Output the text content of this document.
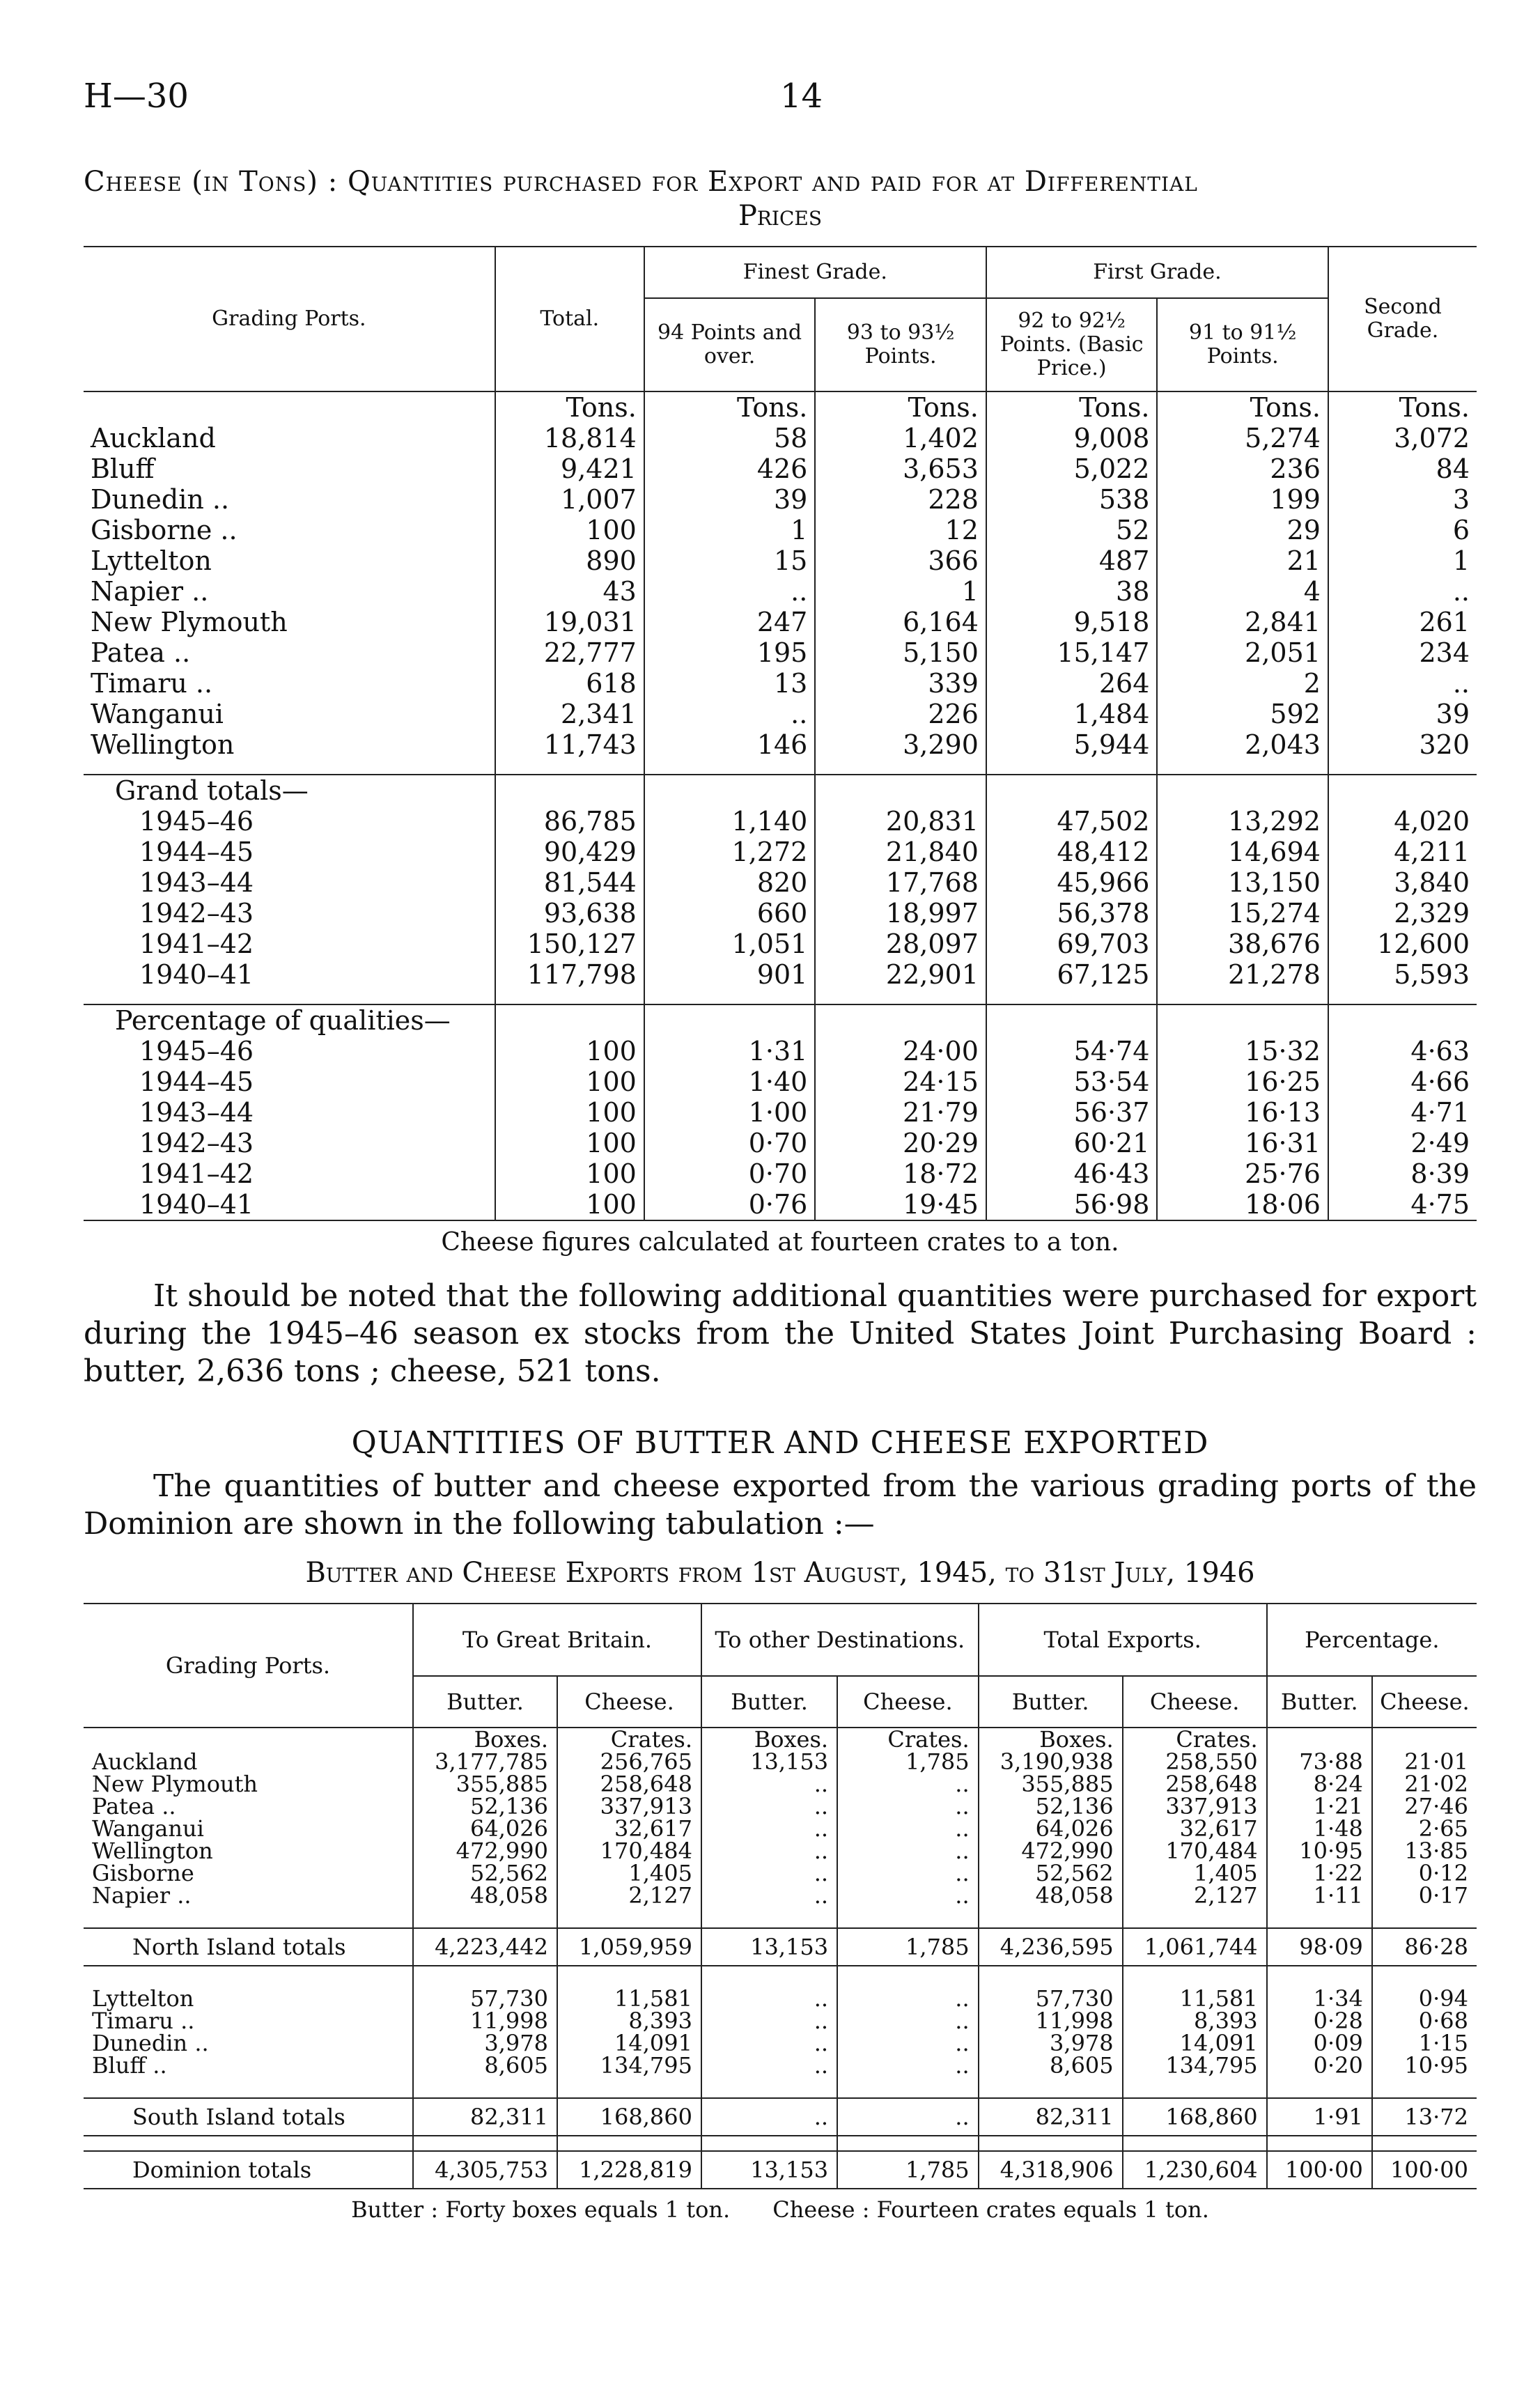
H—30	14
Cheese (in Tons) : Quantities purchased for Export and paid for at Differential
Prices
Grading Ports.	Total.	Finest Grade.		First Grade.		Second Grade.
		94 Points and over.	93 to 93½ Points.	92 to 92½ Points. (Basic Price.)	91 to 91½ Points.	
	Tons.	Tons.	Tons.	Tons.	Tons.	Tons.
Auckland	18,814	58	1,402	9,008	5,274	3,072
Bluff	9,421	426	3,653	5,022	236	84
Dunedin ..	1,007	39	228	538	199	3
Gisborne ..	100	1	12	52	29	6
Lyttelton	890	15	366	487	21	1
Napier ..	43	..	1	38	4	..
New Plymouth	19,031	247	6,164	9,518	2,841	261
Patea ..	22,777	195	5,150	15,147	2,051	234
Timaru ..	618	13	339	264	2	..
Wanganui	2,341	..	226	1,484	592	39
Wellington	11,743	146	3,290	5,944	2,043	320

Grand totals—						
1945–46	86,785	1,140	20,831	47,502	13,292	4,020
1944–45	90,429	1,272	21,840	48,412	14,694	4,211
1943–44	81,544	820	17,768	45,966	13,150	3,840
1942–43	93,638	660	18,997	56,378	15,274	2,329
1941–42	150,127	1,051	28,097	69,703	38,676	12,600
1940–41	117,798	901	22,901	67,125	21,278	5,593

Percentage of qualities—						
1945–46	100	1·31	24·00	54·74	15·32	4·63
1944–45	100	1·40	24·15	53·54	16·25	4·66
1943–44	100	1·00	21·79	56·37	16·13	4·71
1942–43	100	0·70	20·29	60·21	16·31	2·49
1941–42	100	0·70	18·72	46·43	25·76	8·39
1940–41	100	0·76	19·45	56·98	18·06	4·75
Cheese figures calculated at fourteen crates to a ton.
It should be noted that the following additional quantities were purchased for export during the 1945–46 season ex stocks from the United States Joint Purchasing Board : butter, 2,636 tons ; cheese, 521 tons.
QUANTITIES OF BUTTER AND CHEESE EXPORTED
The quantities of butter and cheese exported from the various grading ports of the Dominion are shown in the following tabulation :—
Butter and Cheese Exports from 1st August, 1945, to 31st July, 1946
Grading Ports.	To Great Britain.		To other Destinations.		Total Exports.		Percentage.	
	Butter.	Cheese.	Butter.	Cheese.	Butter.	Cheese.	Butter.	Cheese.
	Boxes.	Crates.	Boxes.	Crates.	Boxes.	Crates.		
Auckland	3,177,785	256,765	13,153	1,785	3,190,938	258,550	73·88	21·01
New Plymouth	355,885	258,648	..	..	355,885	258,648	8·24	21·02
Patea ..	52,136	337,913	..	..	52,136	337,913	1·21	27·46
Wanganui	64,026	32,617	..	..	64,026	32,617	1·48	2·65
Wellington	472,990	170,484	..	..	472,990	170,484	10·95	13·85
Gisborne	52,562	1,405	..	..	52,562	1,405	1·22	0·12
Napier ..	48,058	2,127	..	..	48,058	2,127	1·11	0·17

North Island totals	4,223,442	1,059,959	13,153	1,785	4,236,595	1,061,744	98·09	86·28

Lyttelton	57,730	11,581	..	..	57,730	11,581	1·34	0·94
Timaru ..	11,998	8,393	..	..	11,998	8,393	0·28	0·68
Dunedin ..	3,978	14,091	..	..	3,978	14,091	0·09	1·15
Bluff ..	8,605	134,795	..	..	8,605	134,795	0·20	10·95

South Island totals	82,311	168,860	..	..	82,311	168,860	1·91	13·72

Dominion totals	4,305,753	1,228,819	13,153	1,785	4,318,906	1,230,604	100·00	100·00
Butter : Forty boxes equals 1 ton.      Cheese : Fourteen crates equals 1 ton.
